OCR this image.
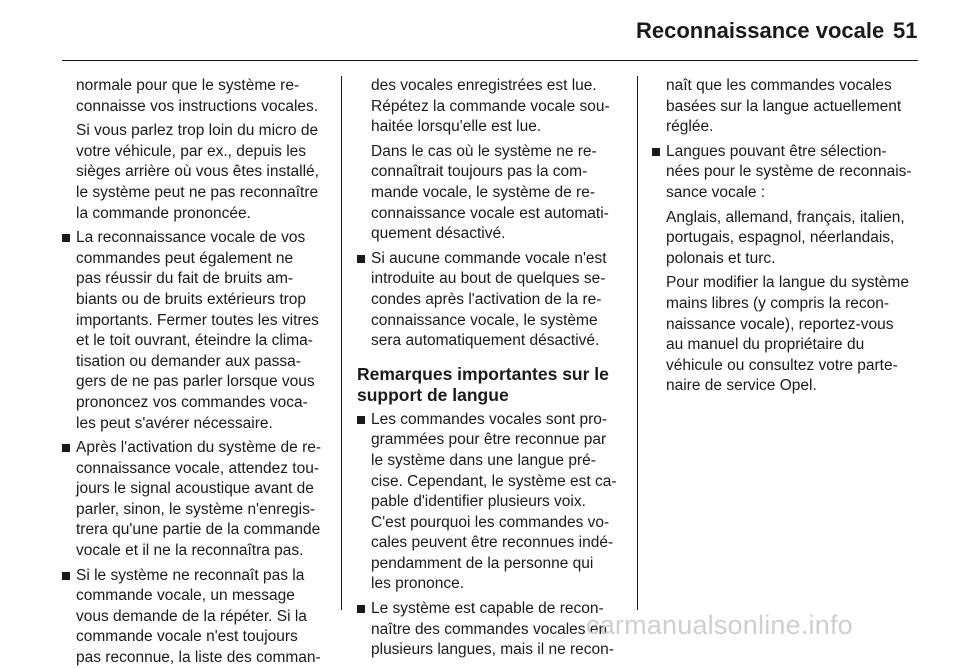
Reconnaissance vocale 51
normale pour que le système re-
connaisse vos instructions vocales.
Si vous parlez trop loin du micro de
votre véhicule, par ex., depuis les
sièges arrière où vous êtes installé,
le système peut ne pas reconnaître
la commande prononcée.
La reconnaissance vocale de vos
commandes peut également ne
pas réussir du fait de bruits am-
biants ou de bruits extérieurs trop
importants. Fermer toutes les vitres
et le toit ouvrant, éteindre la clima-
tisation ou demander aux passa-
gers de ne pas parler lorsque vous
prononcez vos commandes voca-
les peut s'avérer nécessaire.
Après l'activation du système de re-
connaissance vocale, attendez tou-
jours le signal acoustique avant de
parler, sinon, le système n'enregis-
trera qu'une partie de la commande
vocale et il ne la reconnaîtra pas.
Si le système ne reconnaît pas la
commande vocale, un message
vous demande de la répéter. Si la
commande vocale n'est toujours
pas reconnue, la liste des comman-
des vocales enregistrées est lue.
Répétez la commande vocale sou-
haitée lorsqu'elle est lue.
Dans le cas où le système ne re-
connaîtrait toujours pas la com-
mande vocale, le système de re-
connaissance vocale est automati-
quement désactivé.
Si aucune commande vocale n'est
introduite au bout de quelques se-
condes après l'activation de la re-
connaissance vocale, le système
sera automatiquement désactivé.
Remarques importantes sur le
support de langue
Les commandes vocales sont pro-
grammées pour être reconnue par
le système dans une langue pré-
cise. Cependant, le système est ca-
pable d'identifier plusieurs voix.
C'est pourquoi les commandes vo-
cales peuvent être reconnues indé-
pendamment de la personne qui
les prononce.
Le système est capable de recon-
naître des commandes vocales en
plusieurs langues, mais il ne recon-
naît que les commandes vocales
basées sur la langue actuellement
réglée.
Langues pouvant être sélection-
nées pour le système de reconnais-
sance vocale :
Anglais, allemand, français, italien,
portugais, espagnol, néerlandais,
polonais et turc.
Pour modifier la langue du système
mains libres (y compris la recon-
naissance vocale), reportez-vous
au manuel du propriétaire du
véhicule ou consultez votre parte-
naire de service Opel.
carmanualsonline.info
